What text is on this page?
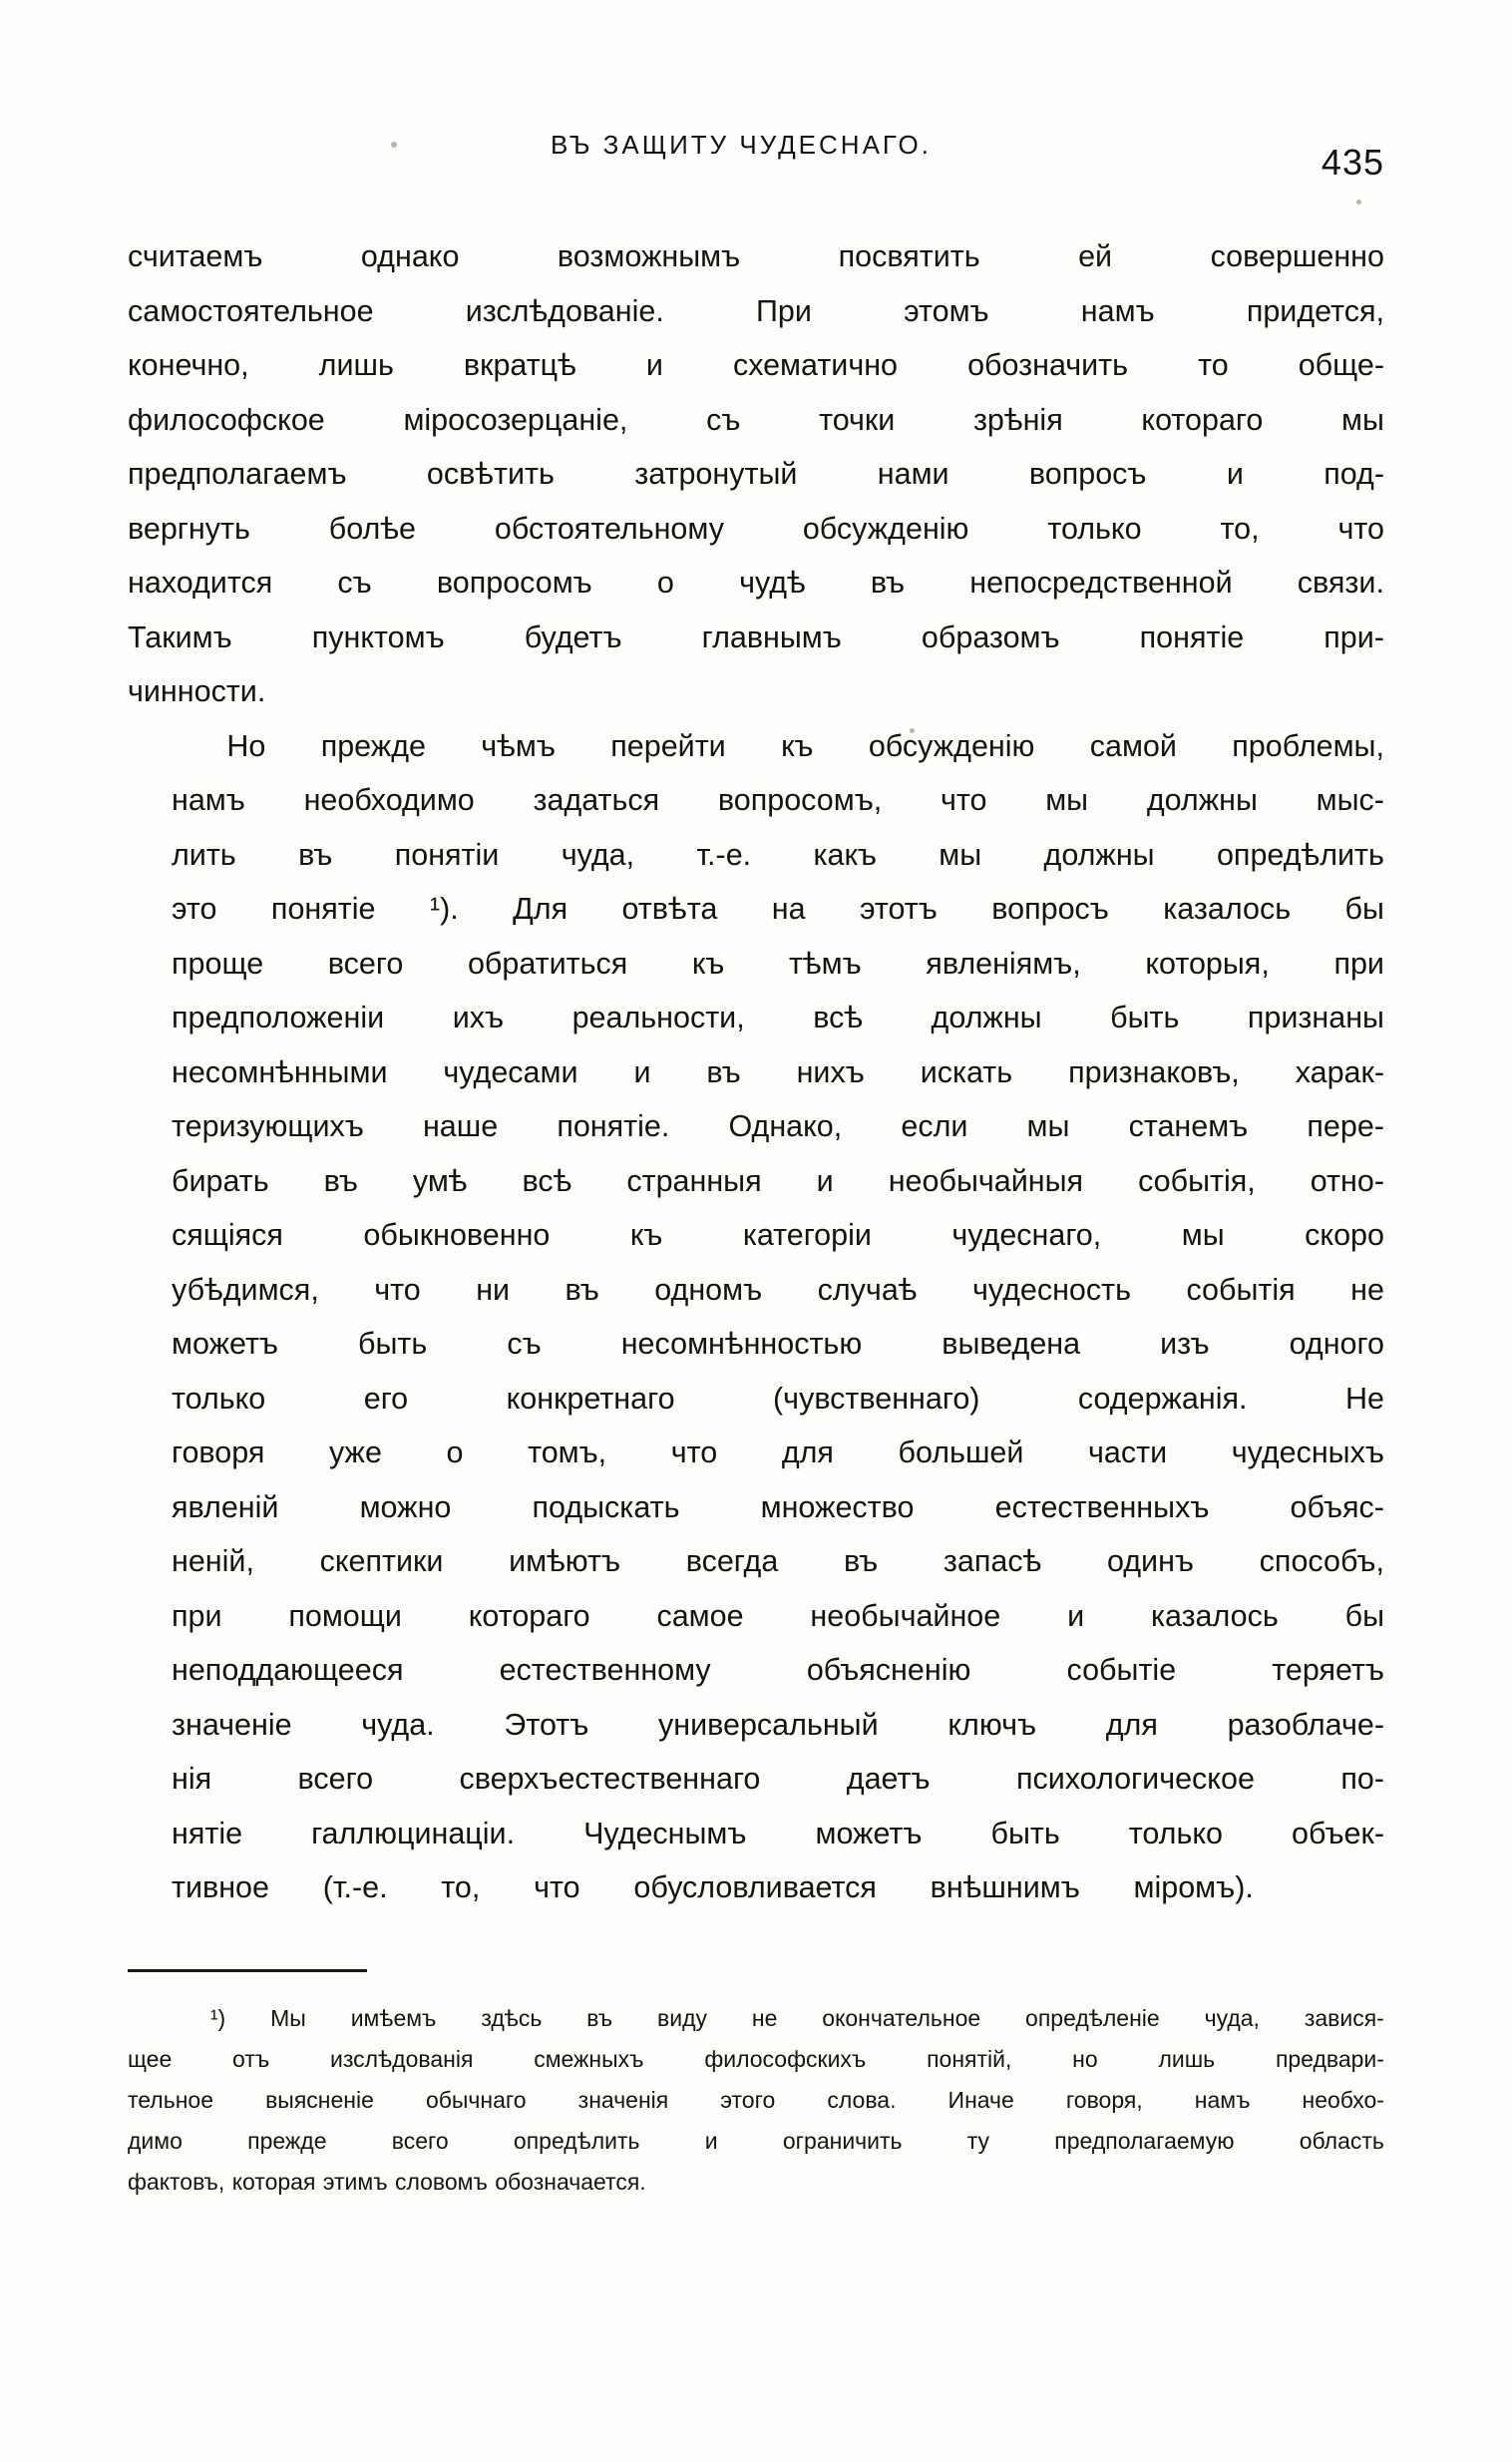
ВЪ ЗАЩИТУ ЧУДЕСНАГО.	435

считаемъ	однако	возможнымъ	посвятить	ей	совершенно
самостоятельное	изслѣдованіе.	При	этомъ	намъ	придется,
конечно, лишь вкратцѣ и схематично обозначить то обще-
философское	міросозерцаніе,	съ	точки	зрѣнія	котораго	мы
предполагаемъ	освѣтить	затронутый	нами	вопросъ	и	под-
вергнуть	болѣе	обстоятельному	обсужденію	только	то,	что
находится съ вопросомъ о чудѣ въ непосредственной связи.
Такимъ	пунктомъ	будетъ	главнымъ	образомъ	понятіе	при-
чинности.

Но	прежде	чѣмъ	перейти	къ	обсужденію	самой	проблемы,
намъ	необходимо	задаться	вопросомъ,	что	мы	должны	мыс-
лить	въ	понятіи	чуда,	т.-е.	какъ	мы	должны	опредѣлить
это	понятіе	¹).	Для	отвѣта	на	этотъ	вопросъ	казалось	бы
проще	всего	обратиться	къ	тѣмъ	явленіямъ,	которыя,	при
предположеніи	ихъ	реальности,	всѣ	должны	быть	признаны
несомнѣнными	чудесами	и	въ	нихъ	искать	признаковъ,	харак-
теризующихъ	наше	понятіе.	Однако,	если	мы	станемъ	пере-
бирать	въ	умѣ	всѣ	странныя	и	необычайныя	событія,	отно-
сящіяся	обыкновенно	къ	категоріи	чудеснаго,	мы	скоро
убѣдимся,	что	ни	въ	одномъ	случаѣ	чудесность	событія	не
можетъ	быть	съ	несомнѣнностью	выведена	изъ	одного
только	его	конкретнаго	(чувственнаго)	содержанія.	Не
говоря	уже	о	томъ,	что	для	большей	части	чудесныхъ
явленій	можно	подыскать	множество	естественныхъ	объяс-
неній,	скептики	имѣютъ	всегда	въ	запасѣ	одинъ	способъ,
при	помощи	котораго	самое	необычайное	и	казалось	бы
неподдающееся	естественному	объясненію	событіе	теряетъ
значеніе	чуда.	Этотъ	универсальный	ключъ	для	разоблаче-
нія	всего	сверхъестественнаго	даетъ	психологическое	по-
нятіе	галлюцинаціи.	Чудеснымъ	можетъ	быть	только	объек-
тивное	(т.-е.	то,	что	обусловливается	внѣшнимъ	міромъ).

¹) Мы имѣемъ здѣсь въ виду не окончательное опредѣленіе чуда, завися-
щее	отъ	изслѣдованія	смежныхъ	философскихъ	понятій,	но	лишь	предвари-
тельное выясненіе обычнаго значенія этого слова. Иначе говоря, намъ необхо-
димо	прежде	всего	опредѣлить	и	ограничить	ту	предполагаемую	область
фактовъ, которая этимъ словомъ обозначается.
